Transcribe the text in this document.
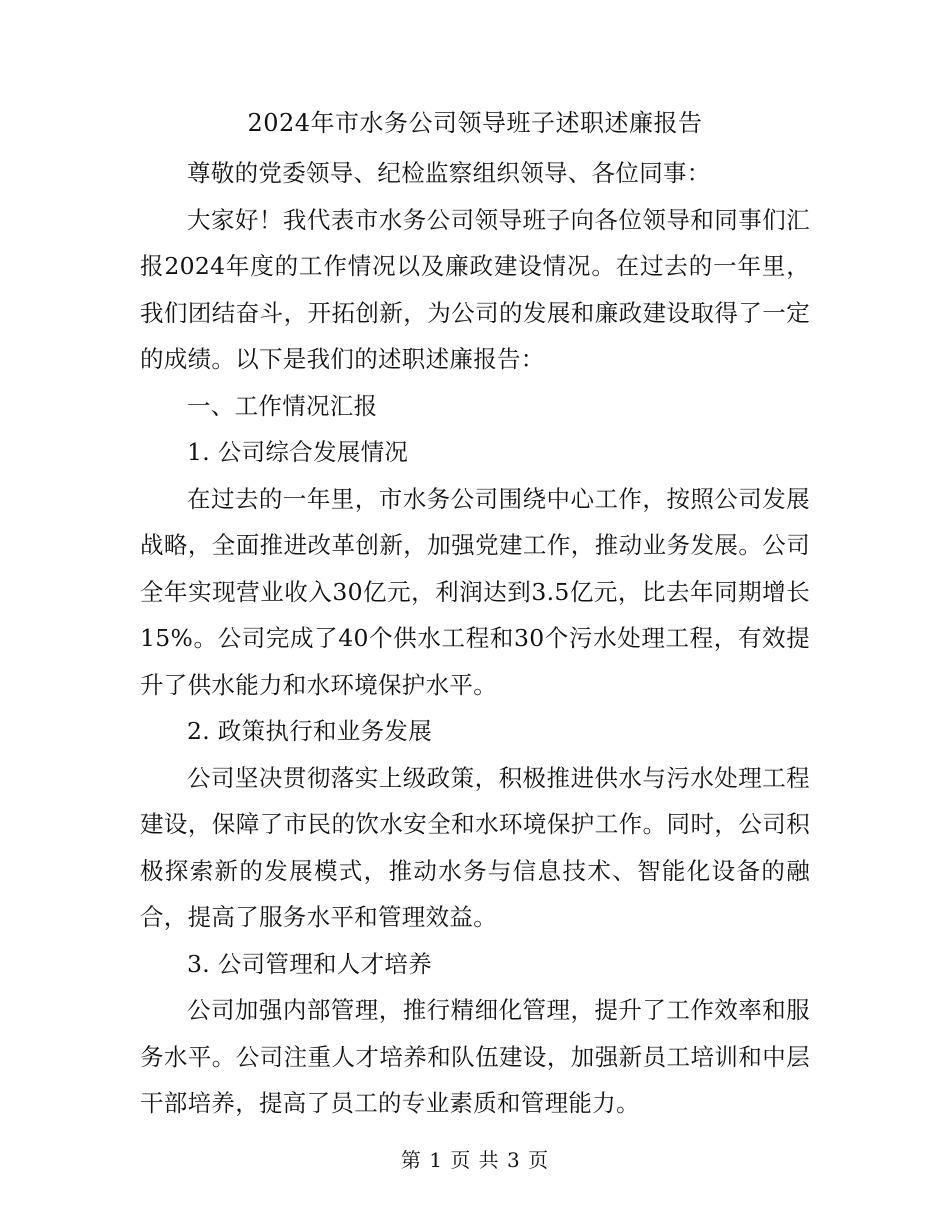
2024年市水务公司领导班子述职述廉报告

尊敬的党委领导、纪检监察组织领导、各位同事：

大家好！我代表市水务公司领导班子向各位领导和同事们汇报2024年度的工作情况以及廉政建设情况。在过去的一年里，我们团结奋斗，开拓创新，为公司的发展和廉政建设取得了一定的成绩。以下是我们的述职述廉报告：

一、工作情况汇报

1. 公司综合发展情况

在过去的一年里，市水务公司围绕中心工作，按照公司发展战略，全面推进改革创新，加强党建工作，推动业务发展。公司全年实现营业收入30亿元，利润达到3.5亿元，比去年同期增长15%。公司完成了40个供水工程和30个污水处理工程，有效提升了供水能力和水环境保护水平。

2. 政策执行和业务发展

公司坚决贯彻落实上级政策，积极推进供水与污水处理工程建设，保障了市民的饮水安全和水环境保护工作。同时，公司积极探索新的发展模式，推动水务与信息技术、智能化设备的融合，提高了服务水平和管理效益。

3. 公司管理和人才培养

公司加强内部管理，推行精细化管理，提升了工作效率和服务水平。公司注重人才培养和队伍建设，加强新员工培训和中层干部培养，提高了员工的专业素质和管理能力。

第 1 页 共 3 页
